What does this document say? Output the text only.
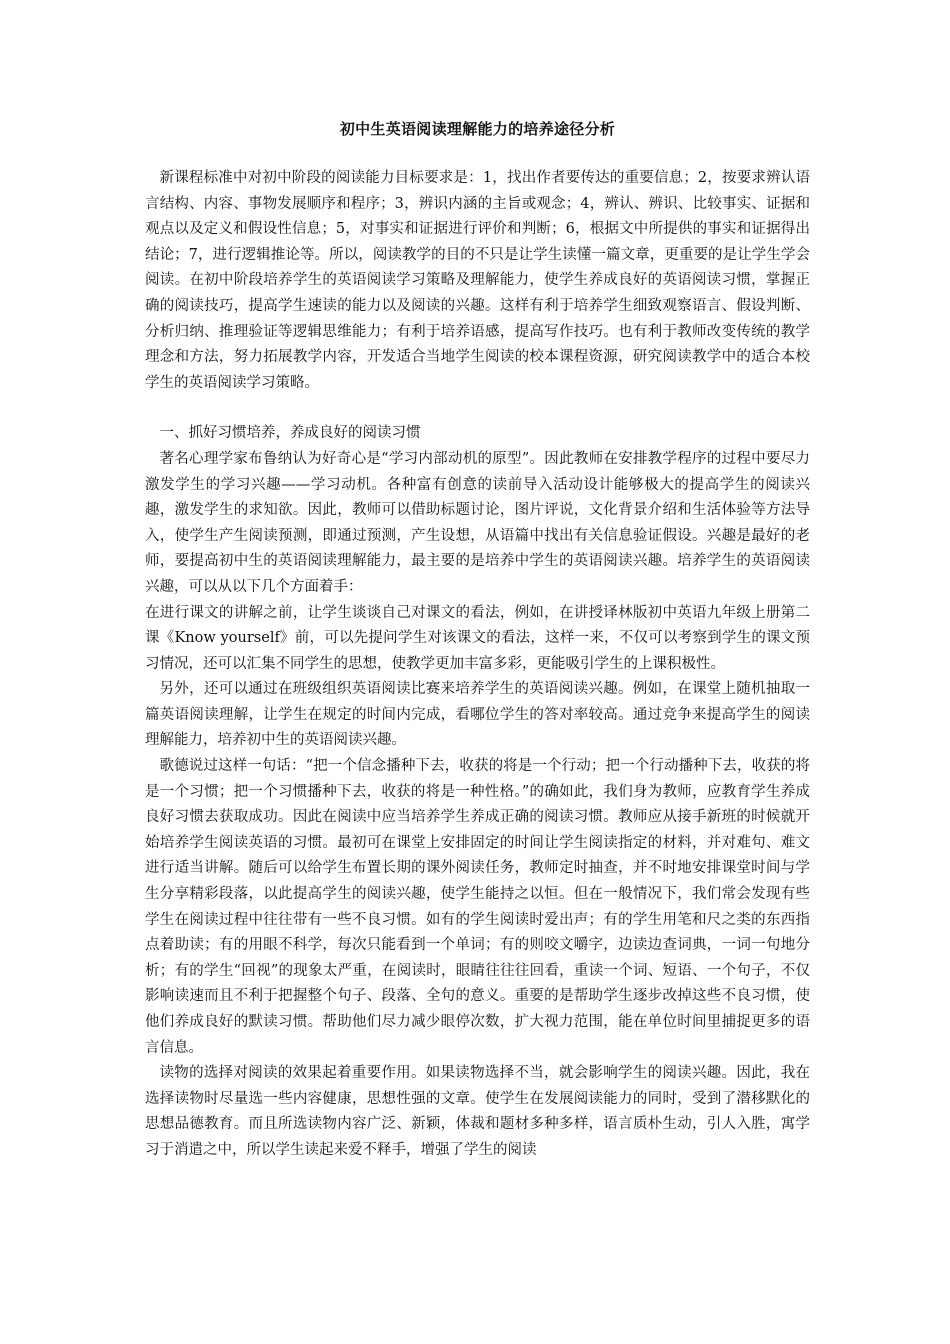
初中生英语阅读理解能力的培养途径分析

新课程标准中对初中阶段的阅读能力目标要求是：1，找出作者要传达的重要信息；2，按要求辨认语言结构、内容、事物发展顺序和程序；3，辨识内涵的主旨或观念；4，辨认、辨识、比较事实、证据和观点以及定义和假设性信息；5，对事实和证据进行评价和判断；6，根据文中所提供的事实和证据得出结论；7，进行逻辑推论等。所以，阅读教学的目的不只是让学生读懂一篇文章，更重要的是让学生学会阅读。在初中阶段培养学生的英语阅读学习策略及理解能力，使学生养成良好的英语阅读习惯，掌握正确的阅读技巧，提高学生速读的能力以及阅读的兴趣。这样有利于培养学生细致观察语言、假设判断、分析归纳、推理验证等逻辑思维能力；有利于培养语感，提高写作技巧。也有利于教师改变传统的教学理念和方法，努力拓展教学内容，开发适合当地学生阅读的校本课程资源，研究阅读教学中的适合本校学生的英语阅读学习策略。

一、抓好习惯培养，养成良好的阅读习惯

著名心理学家布鲁纳认为好奇心是“学习内部动机的原型”。因此教师在安排教学程序的过程中要尽力激发学生的学习兴趣——学习动机。各种富有创意的读前导入活动设计能够极大的提高学生的阅读兴趣，激发学生的求知欲。因此，教师可以借助标题讨论，图片评说，文化背景介绍和生活体验等方法导入，使学生产生阅读预测，即通过预测，产生设想，从语篇中找出有关信息验证假设。兴趣是最好的老师，要提高初中生的英语阅读理解能力，最主要的是培养中学生的英语阅读兴趣。培养学生的英语阅读兴趣，可以从以下几个方面着手：

在进行课文的讲解之前，让学生谈谈自己对课文的看法，例如，在讲授译林版初中英语九年级上册第二课《Know yourself》前，可以先提问学生对该课文的看法，这样一来，不仅可以考察到学生的课文预习情况，还可以汇集不同学生的思想，使教学更加丰富多彩，更能吸引学生的上课积极性。

另外，还可以通过在班级组织英语阅读比赛来培养学生的英语阅读兴趣。例如，在课堂上随机抽取一篇英语阅读理解，让学生在规定的时间内完成，看哪位学生的答对率较高。通过竞争来提高学生的阅读理解能力，培养初中生的英语阅读兴趣。

歌德说过这样一句话：“把一个信念播种下去，收获的将是一个行动；把一个行动播种下去，收获的将是一个习惯；把一个习惯播种下去，收获的将是一种性格。”的确如此，我们身为教师，应教育学生养成良好习惯去获取成功。因此在阅读中应当培养学生养成正确的阅读习惯。教师应从接手新班的时候就开始培养学生阅读英语的习惯。最初可在课堂上安排固定的时间让学生阅读指定的材料，并对难句、难文进行适当讲解。随后可以给学生布置长期的课外阅读任务，教师定时抽查，并不时地安排课堂时间与学生分享精彩段落，以此提高学生的阅读兴趣，使学生能持之以恒。但在一般情况下，我们常会发现有些学生在阅读过程中往往带有一些不良习惯。如有的学生阅读时爱出声；有的学生用笔和尺之类的东西指点着助读；有的用眼不科学，每次只能看到一个单词；有的则咬文嚼字，边读边查词典，一词一句地分析；有的学生“回视”的现象太严重，在阅读时，眼睛往往往回看，重读一个词、短语、一个句子，不仅影响读速而且不利于把握整个句子、段落、全句的意义。重要的是帮助学生逐步改掉这些不良习惯，使他们养成良好的默读习惯。帮助他们尽力减少眼停次数，扩大视力范围，能在单位时间里捕捉更多的语言信息。

读物的选择对阅读的效果起着重要作用。如果读物选择不当，就会影响学生的阅读兴趣。因此，我在选择读物时尽量选一些内容健康，思想性强的文章。使学生在发展阅读能力的同时，受到了潜移默化的思想品德教育。而且所选读物内容广泛、新颖，体裁和题材多种多样，语言质朴生动，引人入胜，寓学习于消遣之中，所以学生读起来爱不释手，增强了学生的阅读
